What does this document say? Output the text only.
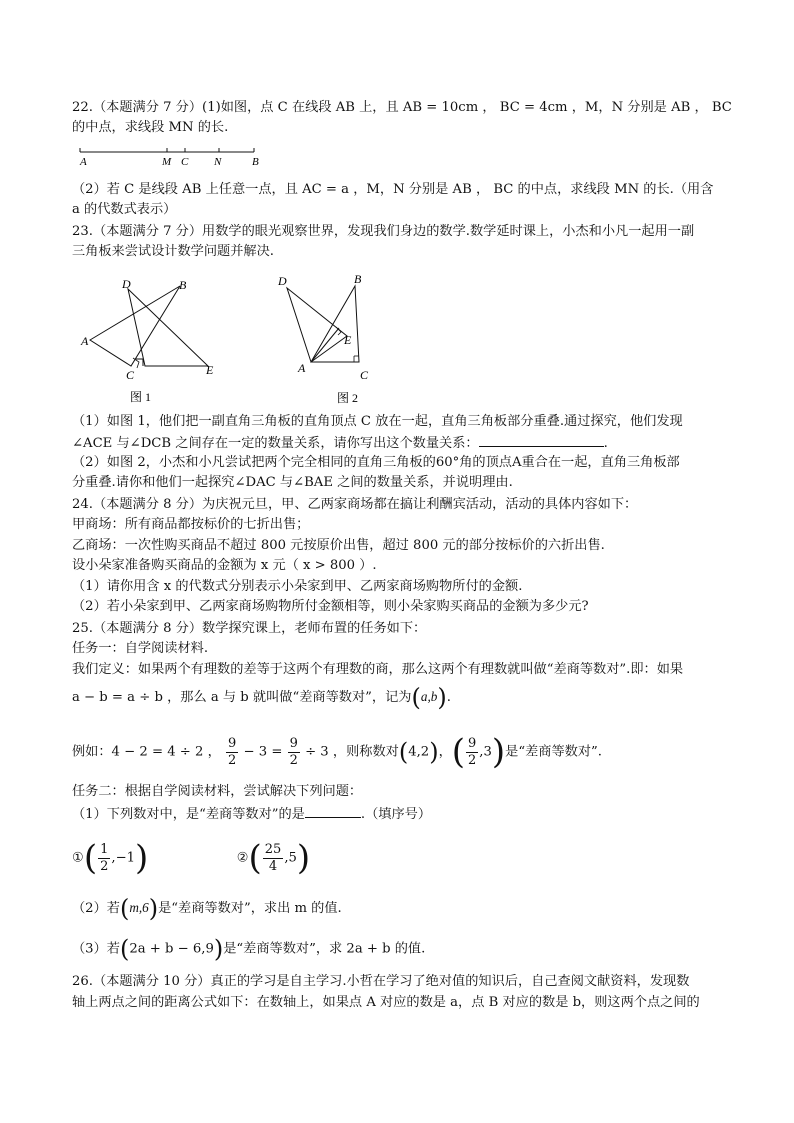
22.（本题满分 7 分）(1)如图，点 C 在线段 AB 上，且 AB = 10cm ， BC = 4cm ，M，N 分别是 AB ， BC
的中点，求线段 MN 的长.
A	M C N	B
（2）若 C 是线段 AB 上任意一点，且 AC = a ，M，N 分别是 AB ， BC 的中点，求线段 MN 的长.（用含
a 的代数式表示）
23.（本题满分 7 分）用数学的眼光观察世界，发现我们身边的数学.数学延时课上，小杰和小凡一起用一副
三角板来尝试设计数学问题并解决.
D	B
A
C	E
图 1
D	B
E
A	C
图 2
（1）如图 1，他们把一副直角三角板的直角顶点 C 放在一起，直角三角板部分重叠.通过探究，他们发现
∠ACE 与∠DCB 之间存在一定的数量关系，请你写出这个数量关系：	.
（2）如图 2，小杰和小凡尝试把两个完全相同的直角三角板的60°角的顶点A重合在一起，直角三角板部
分重叠.请你和他们一起探究∠DAC 与∠BAE 之间的数量关系，并说明理由.
24.（本题满分 8 分）为庆祝元旦，甲、乙两家商场都在搞让利酬宾活动，活动的具体内容如下：
甲商场：所有商品都按标价的七折出售；
乙商场：一次性购买商品不超过 800 元按原价出售，超过 800 元的部分按标价的六折出售.
设小朵家准备购买商品的金额为 x 元（ x > 800 ）.
（1）请你用含 x 的代数式分别表示小朵家到甲、乙两家商场购物所付的金额.
（2）若小朵家到甲、乙两家商场购物所付金额相等，则小朵家购买商品的金额为多少元?
25.（本题满分 8 分）数学探究课上，老师布置的任务如下：
任务一：自学阅读材料.
我们定义：如果两个有理数的差等于这两个有理数的商，那么这两个有理数就叫做“差商等数对”.即：如果
a − b = a ÷ b ，那么 a 与 b 就叫做“差商等数对”，记为(a,b).
例如：4 − 2 = 4 ÷ 2 ， $\frac{9}{2} - 3 = \frac{9}{2} \div 3$ ，则称数对(4,2)，( $\frac{9}{2} ,3$)是“差商等数对”.
任务二：根据自学阅读材料，尝试解决下列问题：
（1）下列数对中，是“差商等数对”的是	.（填序号）
①( $\frac{1}{2} ,-1$)	②( $\frac{25}{4} ,5$)
（2）若(m,6)是“差商等数对”，求出 m 的值.
（3）若(2a + b − 6,9)是“差商等数对”，求 2a + b 的值.
26.（本题满分 10 分）真正的学习是自主学习.小哲在学习了绝对值的知识后，自己查阅文献资料，发现数
轴上两点之间的距离公式如下：在数轴上，如果点 A 对应的数是 a，点 B 对应的数是 b，则这两个点之间的
